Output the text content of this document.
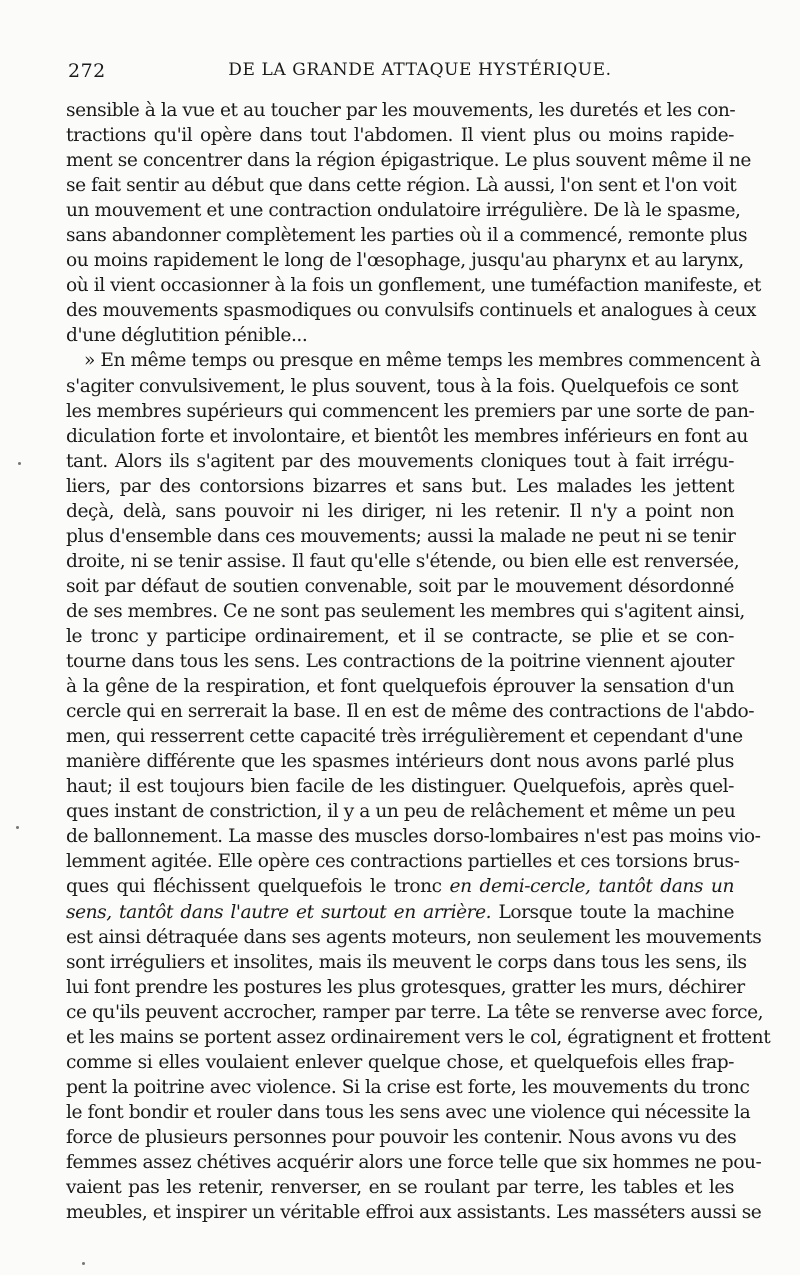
272	DE LA GRANDE ATTAQUE HYSTÉRIQUE.
sensible à la vue et au toucher par les mouvements, les duretés et les con-
tractions qu'il opère dans tout l'abdomen. Il vient plus ou moins rapide-
ment se concentrer dans la région épigastrique. Le plus souvent même il ne
se fait sentir au début que dans cette région. Là aussi, l'on sent et l'on voit
un mouvement et une contraction ondulatoire irrégulière. De là le spasme,
sans abandonner complètement les parties où il a commencé, remonte plus
ou moins rapidement le long de l'œsophage, jusqu'au pharynx et au larynx,
où il vient occasionner à la fois un gonflement, une tuméfaction manifeste, et
des mouvements spasmodiques ou convulsifs continuels et analogues à ceux
d'une déglutition pénible...
» En même temps ou presque en même temps les membres commencent à
s'agiter convulsivement, le plus souvent, tous à la fois. Quelquefois ce sont
les membres supérieurs qui commencent les premiers par une sorte de pan-
diculation forte et involontaire, et bientôt les membres inférieurs en font au
tant. Alors ils s'agitent par des mouvements cloniques tout à fait irrégu-
liers, par des contorsions bizarres et sans but. Les malades les jettent
deçà, delà, sans pouvoir ni les diriger, ni les retenir. Il n'y a point non
plus d'ensemble dans ces mouvements; aussi la malade ne peut ni se tenir
droite, ni se tenir assise. Il faut qu'elle s'étende, ou bien elle est renversée,
soit par défaut de soutien convenable, soit par le mouvement désordonné
de ses membres. Ce ne sont pas seulement les membres qui s'agitent ainsi,
le tronc y participe ordinairement, et il se contracte, se plie et se con-
tourne dans tous les sens. Les contractions de la poitrine viennent ajouter
à la gêne de la respiration, et font quelquefois éprouver la sensation d'un
cercle qui en serrerait la base. Il en est de même des contractions de l'abdo-
men, qui resserrent cette capacité très irrégulièrement et cependant d'une
manière différente que les spasmes intérieurs dont nous avons parlé plus
haut; il est toujours bien facile de les distinguer. Quelquefois, après quel-
ques instant de constriction, il y a un peu de relâchement et même un peu
de ballonnement. La masse des muscles dorso-lombaires n'est pas moins vio-
lemment agitée. Elle opère ces contractions partielles et ces torsions brus-
ques qui fléchissent quelquefois le tronc en demi-cercle, tantôt dans un
sens, tantôt dans l'autre et surtout en arrière. Lorsque toute la machine
est ainsi détraquée dans ses agents moteurs, non seulement les mouvements
sont irréguliers et insolites, mais ils meuvent le corps dans tous les sens, ils
lui font prendre les postures les plus grotesques, gratter les murs, déchirer
ce qu'ils peuvent accrocher, ramper par terre. La tête se renverse avec force,
et les mains se portent assez ordinairement vers le col, égratignent et frottent
comme si elles voulaient enlever quelque chose, et quelquefois elles frap-
pent la poitrine avec violence. Si la crise est forte, les mouvements du tronc
le font bondir et rouler dans tous les sens avec une violence qui nécessite la
force de plusieurs personnes pour pouvoir les contenir. Nous avons vu des
femmes assez chétives acquérir alors une force telle que six hommes ne pou-
vaient pas les retenir, renverser, en se roulant par terre, les tables et les
meubles, et inspirer un véritable effroi aux assistants. Les masséters aussi se
